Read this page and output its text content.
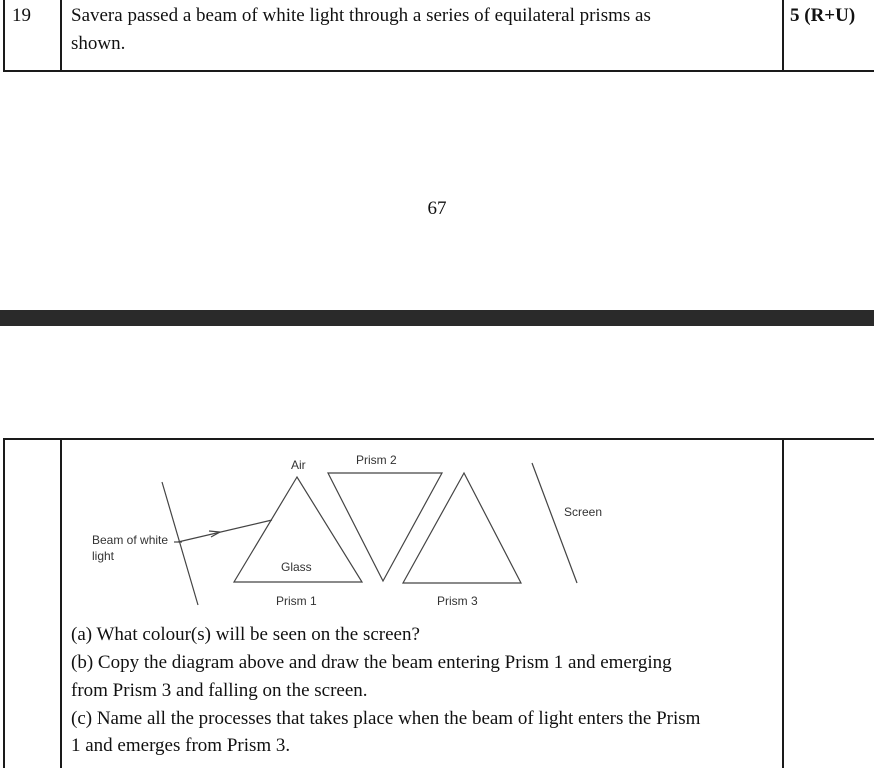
19 Savera passed a beam of white light through a series of equilateral prisms as
shown.
5 (R+U)
67
Air	Prism 2
Screen
Beam of white
light
Glass
Prism 1	Prism 3
(a) What colour(s) will be seen on the screen?
(b) Copy the diagram above and draw the beam entering Prism 1 and emerging
from Prism 3 and falling on the screen.
(c) Name all the processes that takes place when the beam of light enters the Prism
1 and emerges from Prism 3.
